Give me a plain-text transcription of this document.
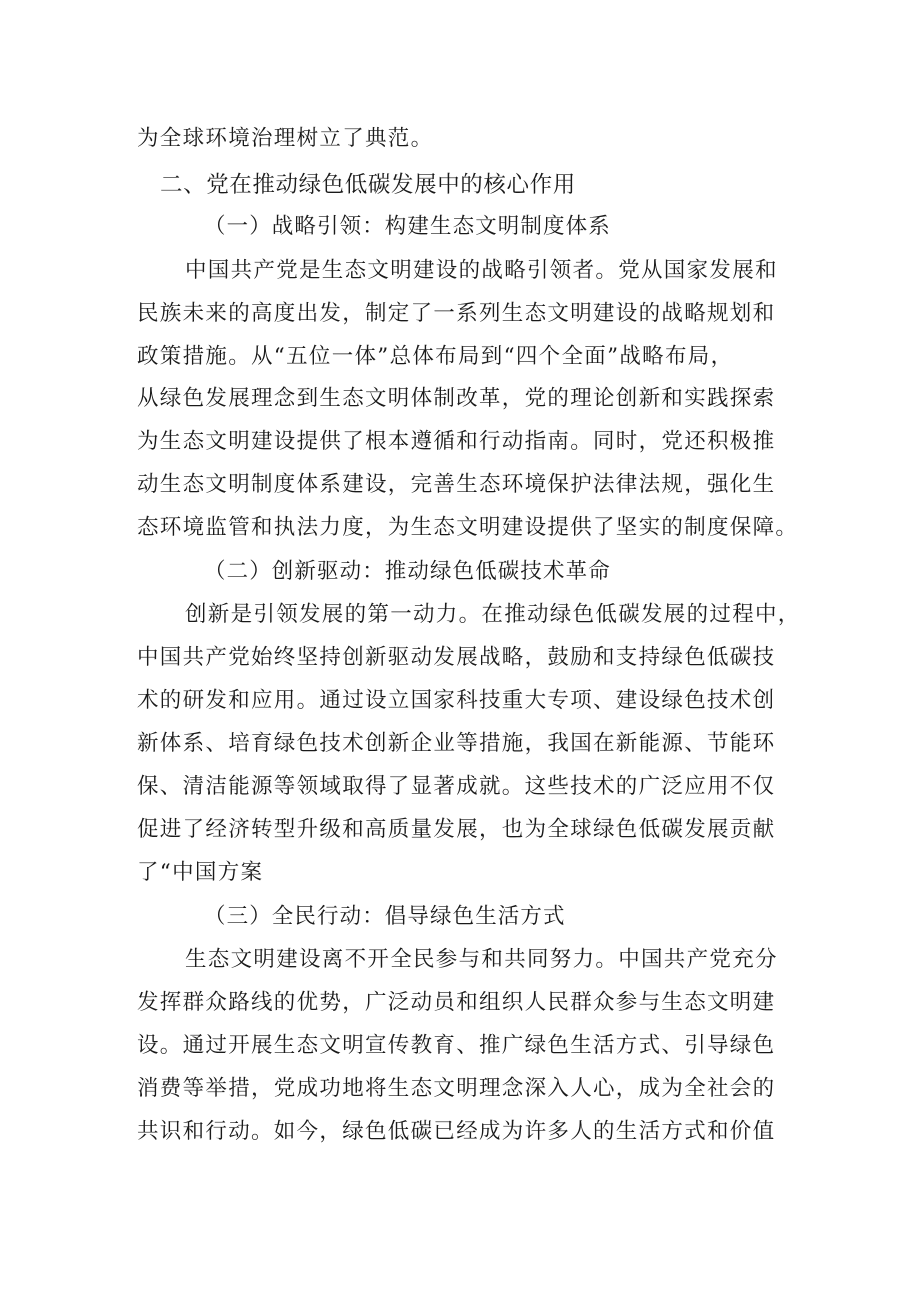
为全球环境治理树立了典范。
二、党在推动绿色低碳发展中的核心作用
（一）战略引领：构建生态文明制度体系
中国共产党是生态文明建设的战略引领者。党从国家发展和
民族未来的高度出发，制定了一系列生态文明建设的战略规划和
政策措施。从“五位一体”总体布局到“四个全面”战略布局，
从绿色发展理念到生态文明体制改革，党的理论创新和实践探索
为生态文明建设提供了根本遵循和行动指南。同时，党还积极推
动生态文明制度体系建设，完善生态环境保护法律法规，强化生
态环境监管和执法力度，为生态文明建设提供了坚实的制度保障。
（二）创新驱动：推动绿色低碳技术革命
创新是引领发展的第一动力。在推动绿色低碳发展的过程中，
中国共产党始终坚持创新驱动发展战略，鼓励和支持绿色低碳技
术的研发和应用。通过设立国家科技重大专项、建设绿色技术创
新体系、培育绿色技术创新企业等措施，我国在新能源、节能环
保、清洁能源等领域取得了显著成就。这些技术的广泛应用不仅
促进了经济转型升级和高质量发展，也为全球绿色低碳发展贡献
了“中国方案
（三）全民行动：倡导绿色生活方式
生态文明建设离不开全民参与和共同努力。中国共产党充分
发挥群众路线的优势，广泛动员和组织人民群众参与生态文明建
设。通过开展生态文明宣传教育、推广绿色生活方式、引导绿色
消费等举措，党成功地将生态文明理念深入人心，成为全社会的
共识和行动。如今，绿色低碳已经成为许多人的生活方式和价值
